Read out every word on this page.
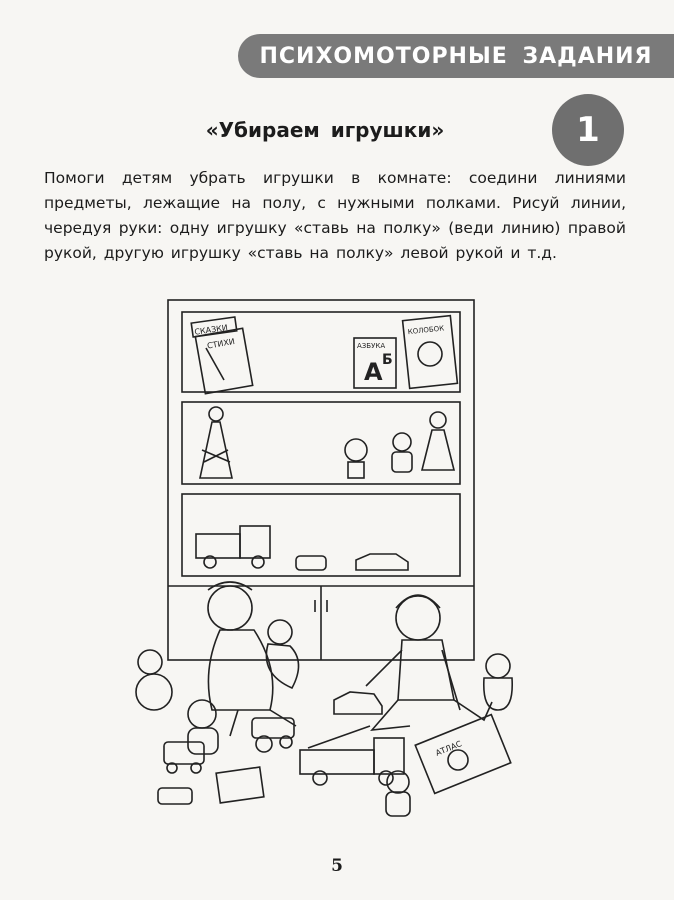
ПСИХОМОТОРНЫЕ ЗАДАНИЯ
1
«Убираем игрушки»
Помоги детям убрать игрушки в комнате: соедини линиями предметы, лежащие на полу, с нужными полками. Рисуй линии, чередуя руки: одну игрушку «ставь на полку» (веди линию) правой рукой, другую игрушку «ставь на полку» левой рукой и т.д.
СКАЗКИ
СТИХИ	АЗБУКА
А Б
КОЛОБОК
АТЛАС
5
